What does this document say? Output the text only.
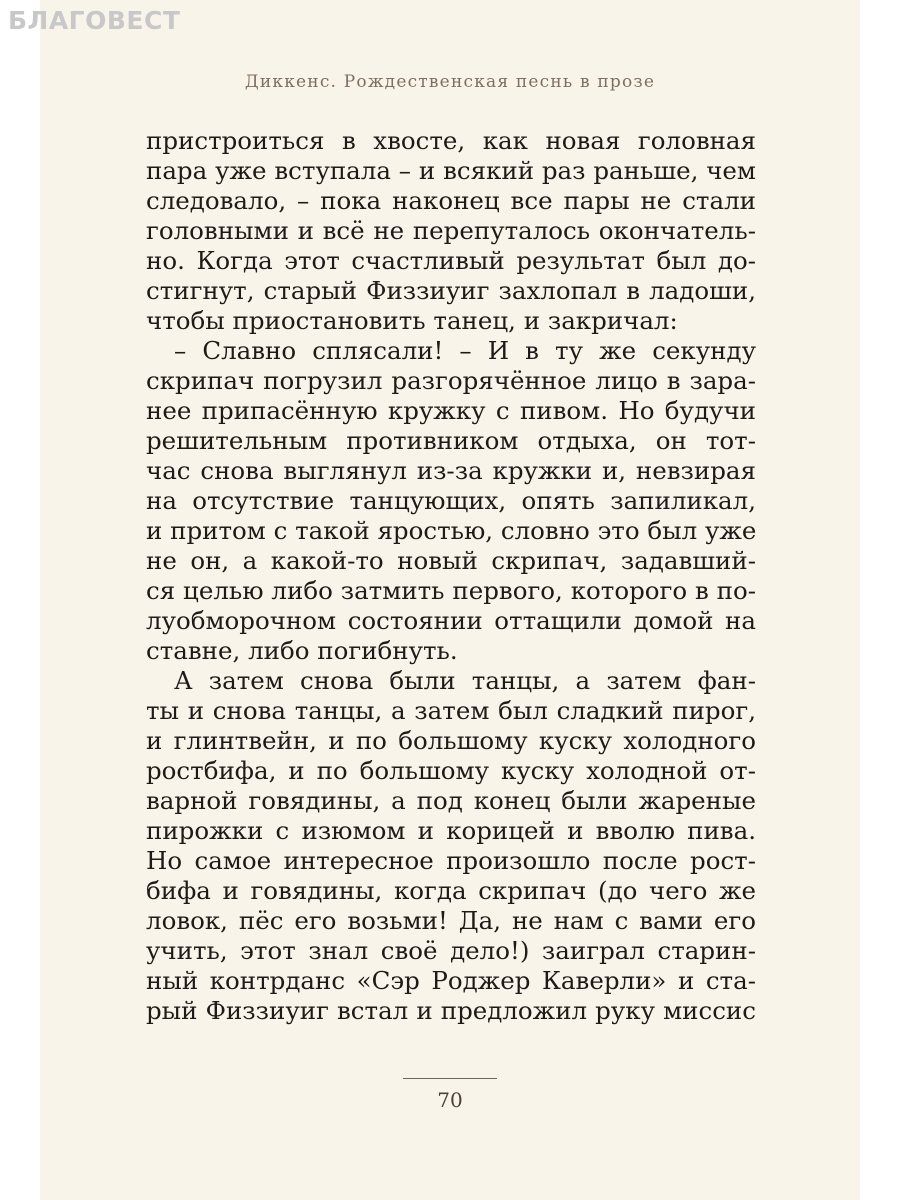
БЛАГОВЕСТ
Диккенс. Рождественская песнь в прозе
пристроиться в хвосте, как новая головная
пара уже вступала – и всякий раз раньше, чем
следовало, – пока наконец все пары не стали
головными и всё не перепуталось окончатель-
но. Когда этот счастливый результат был до-
стигнут, старый Физзиуиг захлопал в ладоши,
чтобы приостановить танец, и закричал:
– Славно сплясали! – И в ту же секунду
скрипач погрузил разгорячённое лицо в зара-
нее припасённую кружку с пивом. Но будучи
решительным противником отдыха, он тот-
час снова выглянул из-за кружки и, невзирая
на отсутствие танцующих, опять запиликал,
и притом с такой яростью, словно это был уже
не он, а какой-то новый скрипач, задавший-
ся целью либо затмить первого, которого в по-
луобморочном состоянии оттащили домой на
ставне, либо погибнуть.
А затем снова были танцы, а затем фан-
ты и снова танцы, а затем был сладкий пирог,
и глинтвейн, и по большому куску холодного
ростбифа, и по большому куску холодной от-
варной говядины, а под конец были жареные
пирожки с изюмом и корицей и вволю пива.
Но самое интересное произошло после рост-
бифа и говядины, когда скрипач (до чего же
ловок, пёс его возьми! Да, не нам с вами его
учить, этот знал своё дело!) заиграл старин-
ный контрданс «Сэр Роджер Каверли» и ста-
рый Физзиуиг встал и предложил руку миссис
70
